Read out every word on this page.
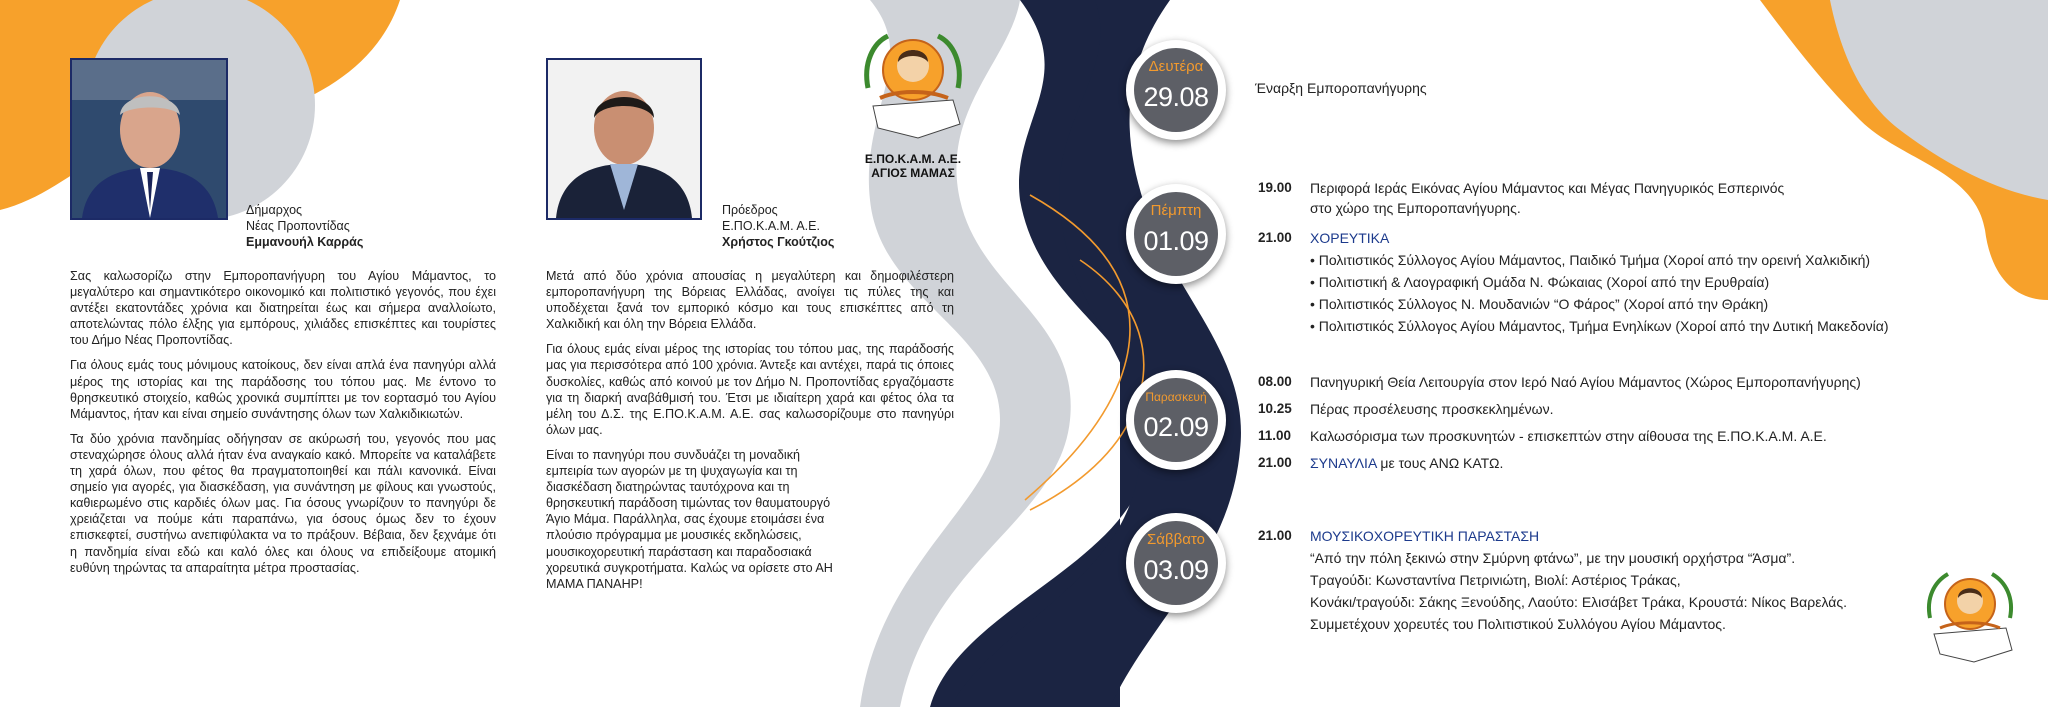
Δήμαρχος
Νέας Προποντίδας
Εμμανουήλ Καρράς
Πρόεδρος
Ε.ΠΟ.Κ.Α.Μ. Α.Ε.
Χρήστος Γκούτζιος

Σας καλωσορίζω στην Εμποροπανήγυρη του Αγίου Μάμαντος, το μεγαλύτερο και σημαντικότερο οικονομικό και πολιτιστικό γεγονός, που έχει αντέξει εκατοντάδες χρόνια και διατηρείται έως και σήμερα αναλλοίωτο, αποτελώντας πόλο έλξης για εμπόρους, χιλιάδες επισκέπτες και τουρίστες του Δήμο Νέας Προποντίδας.

Για όλους εμάς τους μόνιμους κατοίκους, δεν είναι απλά ένα πανηγύρι αλλά μέρος της ιστορίας και της παράδοσης του τόπου μας. Με έντονο το θρησκευτικό στοιχείο, καθώς χρονικά συμπίπτει με τον εορτασμό του Αγίου Μάμαντος, ήταν και είναι σημείο συνάντησης όλων των Χαλκιδικιωτών.

Τα δύο χρόνια πανδημίας οδήγησαν σε ακύρωσή του, γεγονός που μας στεναχώρησε όλους αλλά ήταν ένα αναγκαίο κακό. Μπορείτε να καταλάβετε τη χαρά όλων, που φέτος θα πραγματοποιηθεί και πάλι κανονικά. Είναι σημείο για αγορές, για διασκέδαση, για συνάντηση με φίλους και γνωστούς, καθιερωμένο στις καρδιές όλων μας. Για όσους γνωρίζουν το πανηγύρι δε χρειάζεται να πούμε κάτι παραπάνω, για όσους όμως δεν το έχουν επισκεφτεί, συστήνω ανεπιφύλακτα να το πράξουν. Βέβαια, δεν ξεχνάμε ότι η πανδημία είναι εδώ και καλό όλες και όλους να επιδείξουμε ατομική ευθύνη τηρώντας τα απαραίτητα μέτρα προστασίας.

Μετά από δύο χρόνια απουσίας η μεγαλύτερη και δημοφιλέστερη εμποροπανήγυρη της Βόρειας Ελλάδας, ανοίγει τις πύλες της και υποδέχεται ξανά τον εμπορικό κόσμο και τους επισκέπτες από τη Χαλκιδική και όλη την Βόρεια Ελλάδα.

Για όλους εμάς είναι μέρος της ιστορίας του τόπου μας, της παράδοσής μας για περισσότερα από 100 χρόνια. Άντεξε και αντέχει, παρά τις όποιες δυσκολίες, καθώς από κοινού με τον Δήμο Ν. Προποντίδας εργαζόμαστε για τη διαρκή αναβάθμισή του. Έτσι με ιδιαίτερη χαρά και φέτος όλα τα μέλη του Δ.Σ. της Ε.ΠΟ.Κ.Α.Μ. Α.Ε. σας καλωσορίζουμε στο πανηγύρι όλων μας.

Είναι το πανηγύρι που συνδυάζει τη μοναδική εμπειρία των αγορών με τη ψυχαγωγία και τη διασκέδαση διατηρώντας ταυτόχρονα και τη θρησκευτική παράδοση τιμώντας τον θαυματουργό Άγιο Μάμα. Παράλληλα, σας έχουμε ετοιμάσει ένα πλούσιο πρόγραμμα με μουσικές εκδηλώσεις, μουσικοχορευτική παράσταση και παραδοσιακά χορευτικά συγκροτήματα. Καλώς να ορίσετε στο ΑΗ ΜΑΜΑ ΠΑΝΑΗΡ!

Ε.ΠΟ.Κ.Α.Μ. Α.Ε.
ΑΓΙΟΣ ΜΑΜΑΣ
Δευτέρα
29.08
Πέμπτη
01.09
Παρασκευή
02.09
Σάββατο
03.09
Έναρξη Εμποροπανήγυρης
19.00 Περιφορά Ιεράς Εικόνας Αγίου Μάμαντος και Μέγας Πανηγυρικός Εσπερινός
στο χώρο της Εμποροπανήγυρης.
21.00 ΧΟΡΕΥΤΙΚΑ
• Πολιτιστικός Σύλλογος Αγίου Μάμαντος, Παιδικό Τμήμα (Χοροί από την ορεινή Χαλκιδική)
• Πολιτιστική & Λαογραφική Ομάδα Ν. Φώκαιας (Χοροί από την Ερυθραία)
• Πολιτιστικός Σύλλογος Ν. Μουδανιών “Ο Φάρος” (Χοροί από την Θράκη)
• Πολιτιστικός Σύλλογος Αγίου Μάμαντος, Τμήμα Ενηλίκων (Χοροί από την Δυτική Μακεδονία)
08.00 Πανηγυρική Θεία Λειτουργία στον Ιερό Ναό Αγίου Μάμαντος (Χώρος Εμποροπανήγυρης)
10.25 Πέρας προσέλευσης προσκεκλημένων.
11.00 Καλωσόρισμα των προσκυνητών - επισκεπτών στην αίθουσα της Ε.ΠΟ.Κ.Α.Μ. Α.Ε.
21.00 ΣΥΝΑΥΛΙΑ με τους ΑΝΩ ΚΑΤΩ.
21.00 ΜΟΥΣΙΚΟΧΟΡΕΥΤΙΚΗ ΠΑΡΑΣΤΑΣΗ
“Από την πόλη ξεκινώ στην Σμύρνη φτάνω”, με την μουσική ορχήστρα “Άσμα”.
Τραγούδι: Κωνσταντίνα Πετρινιώτη, Βιολί: Αστέριος Τράκας,
Κονάκι/τραγούδι: Σάκης Ξενούδης, Λαούτο: Ελισάβετ Τράκα, Κρουστά: Νίκος Βαρελάς.
Συμμετέχουν χορευτές του Πολιτιστικού Συλλόγου Αγίου Μάμαντος.
